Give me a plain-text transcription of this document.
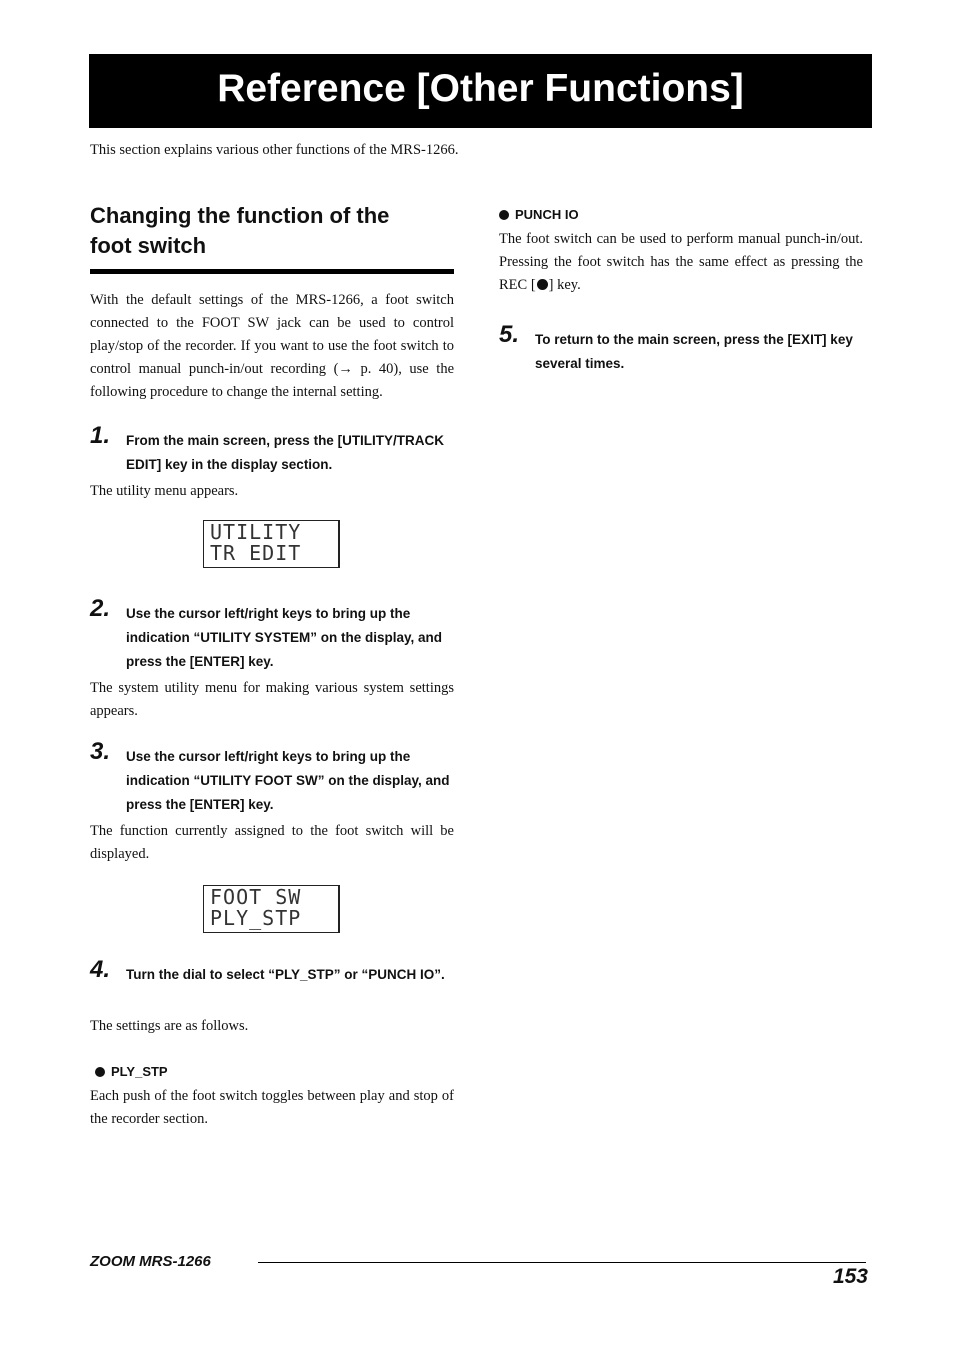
Reference [Other Functions]
This section explains various other functions of the MRS-1266.
Changing the function of the
foot switch

With the default settings of the MRS-1266, a foot switch connected to the FOOT SW jack can be used to control play/stop of the recorder. If you want to use the foot switch to control manual punch-in/out recording (→ p. 40), use the following procedure to change the internal setting.

1. From the main screen, press the [UTILITY/TRACK EDIT] key in the display section.

The utility menu appears.

UTILITY
TR EDIT
2. Use the cursor left/right keys to bring up the indication “UTILITY SYSTEM” on the display, and press the [ENTER] key.

The system utility menu for making various system settings appears.

3. Use the cursor left/right keys to bring up the indication “UTILITY FOOT SW” on the display, and press the [ENTER] key.

The function currently assigned to the foot switch will be displayed.

FOOT SW
PLY_STP
4. Turn the dial to select “PLY_STP” or “PUNCH IO”.

The settings are as follows.

PLY_STP

Each push of the foot switch toggles between play and stop of the recorder section.

PUNCH IO

The foot switch can be used to perform manual punch-in/out. Pressing the foot switch has the same effect as pressing the REC [ ] key.

5. To return to the main screen, press the [EXIT] key several times.

ZOOM MRS-1266
153
